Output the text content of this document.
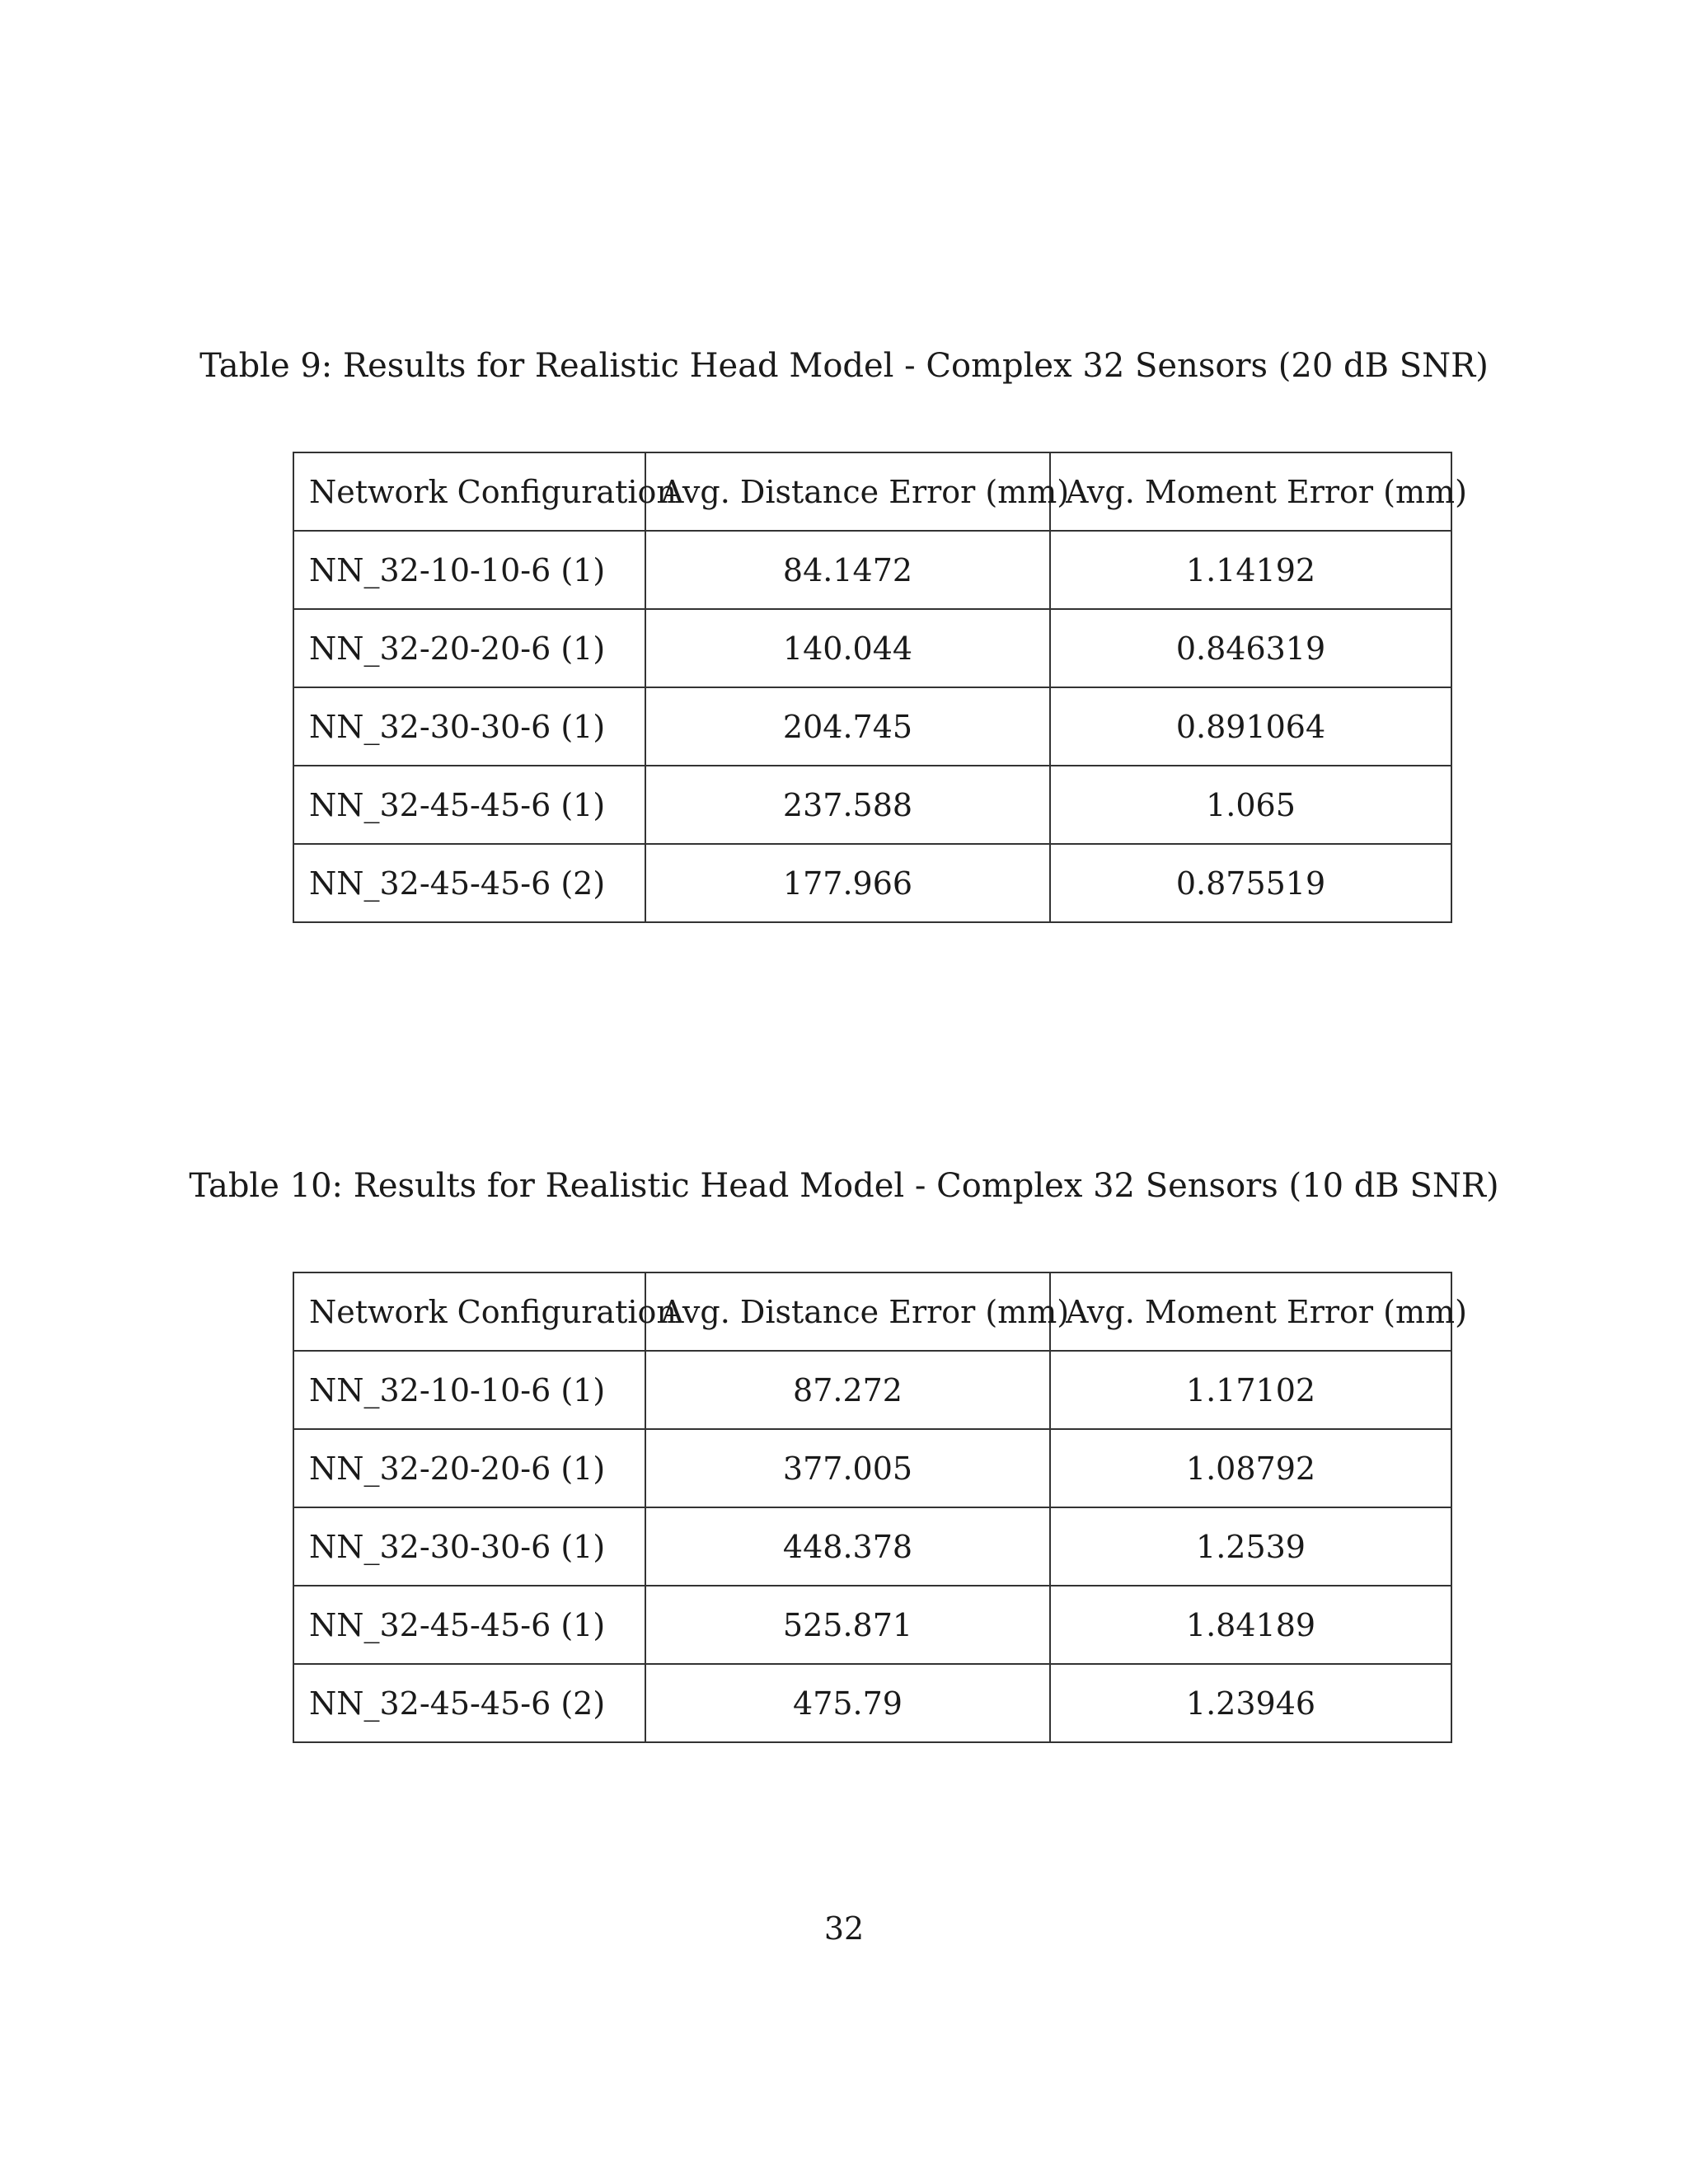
Table 9: Results for Realistic Head Model - Complex 32 Sensors (20 dB SNR)
Network Configuration	Avg. Distance Error (mm)	Avg. Moment Error (mm)
NN_32-10-10-6 (1)	84.1472	1.14192
NN_32-20-20-6 (1)	140.044	0.846319
NN_32-30-30-6 (1)	204.745	0.891064
NN_32-45-45-6 (1)	237.588	1.065
NN_32-45-45-6 (2)	177.966	0.875519
Table 10: Results for Realistic Head Model - Complex 32 Sensors (10 dB SNR)
Network Configuration	Avg. Distance Error (mm)	Avg. Moment Error (mm)
NN_32-10-10-6 (1)	87.272	1.17102
NN_32-20-20-6 (1)	377.005	1.08792
NN_32-30-30-6 (1)	448.378	1.2539
NN_32-45-45-6 (1)	525.871	1.84189
NN_32-45-45-6 (2)	475.79	1.23946
32
